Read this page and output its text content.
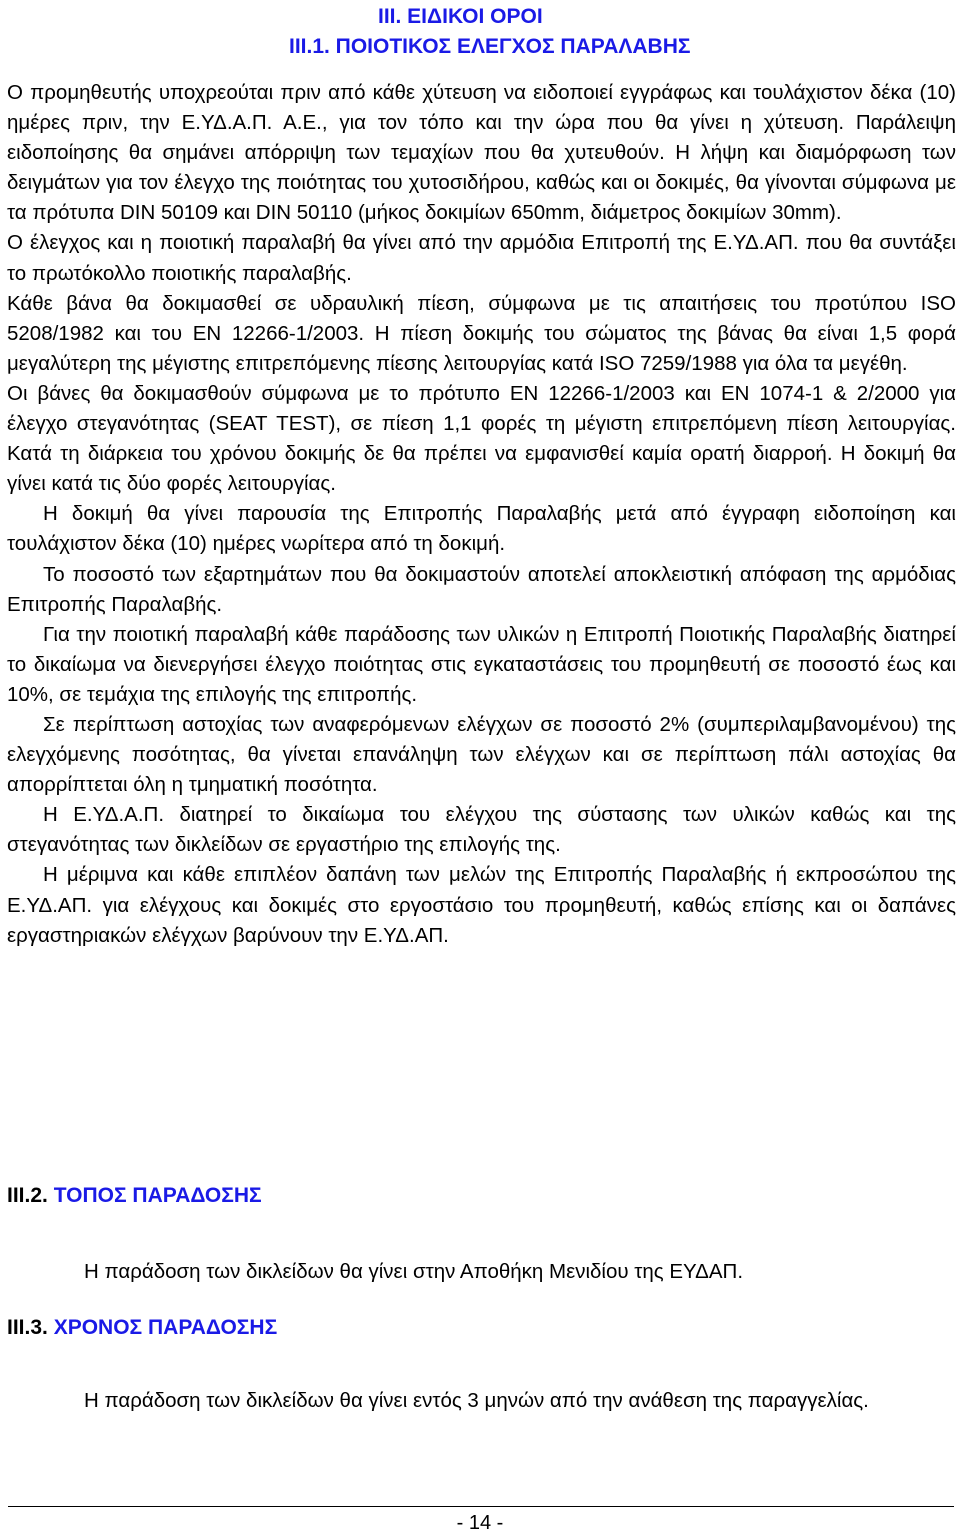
III. ΕΙΔΙΚΟΙ ΟΡΟΙ
III.1. ΠΟΙΟΤΙΚΟΣ ΕΛΕΓΧΟΣ ΠΑΡΑΛΑΒΗΣ

Ο προμηθευτής υποχρεούται πριν από κάθε χύτευση να ειδοποιεί εγγράφως και τουλάχιστον δέκα (10) ημέρες πριν, την Ε.ΥΔ.Α.Π. Α.Ε., για τον τόπο και την ώρα που θα γίνει η χύτευση. Παράλειψη ειδοποίησης θα σημάνει απόρριψη των τεμαχίων που θα χυτευθούν. Η λήψη και διαμόρφωση των δειγμάτων για τον έλεγχο της ποιότητας του χυτοσιδήρου, καθώς και οι δοκιμές, θα γίνονται σύμφωνα με τα πρότυπα DIN 50109 και DIN 50110 (μήκος δοκιμίων 650mm, διάμετρος δοκιμίων 30mm).

Ο έλεγχος και η ποιοτική παραλαβή θα γίνει από την αρμόδια Επιτροπή της Ε.ΥΔ.ΑΠ. που θα συντάξει το πρωτόκολλο ποιοτικής παραλαβής.

Κάθε βάνα θα δοκιμασθεί σε υδραυλική πίεση, σύμφωνα με τις απαιτήσεις του προτύπου ISO 5208/1982 και του EN 12266-1/2003. Η πίεση δοκιμής του σώματος της βάνας θα είναι 1,5 φορά μεγαλύτερη της μέγιστης επιτρεπόμενης πίεσης λειτουργίας κατά ISO 7259/1988 για όλα τα μεγέθη.

Οι βάνες θα δοκιμασθούν σύμφωνα με το πρότυπο EN 12266-1/2003 και EN 1074-1 & 2/2000 για έλεγχο στεγανότητας (SEAT TEST), σε πίεση 1,1 φορές τη μέγιστη επιτρεπόμενη πίεση λειτουργίας. Κατά τη διάρκεια του χρόνου δοκιμής δε θα πρέπει να εμφανισθεί καμία ορατή διαρροή. Η δοκιμή θα γίνει κατά τις δύο φορές λειτουργίας.

Η δοκιμή θα γίνει παρουσία της Επιτροπής Παραλαβής μετά από έγγραφη ειδοποίηση και τουλάχιστον δέκα (10) ημέρες νωρίτερα από τη δοκιμή.

Το ποσοστό των εξαρτημάτων που θα δοκιμαστούν αποτελεί αποκλειστική απόφαση της αρμόδιας Επιτροπής Παραλαβής.

Για την ποιοτική παραλαβή κάθε παράδοσης των υλικών η Επιτροπή Ποιοτικής Παραλαβής διατηρεί το δικαίωμα να διενεργήσει έλεγχο ποιότητας στις εγκαταστάσεις του προμηθευτή σε ποσοστό έως και 10%, σε τεμάχια της επιλογής της επιτροπής.

Σε περίπτωση αστοχίας των αναφερόμενων ελέγχων σε ποσοστό 2% (συμπεριλαμβανομένου) της ελεγχόμενης ποσότητας, θα γίνεται επανάληψη των ελέγχων και σε περίπτωση πάλι αστοχίας θα απορρίπτεται όλη η τμηματική ποσότητα.

Η Ε.ΥΔ.Α.Π. διατηρεί το δικαίωμα του ελέγχου της σύστασης των υλικών καθώς και της στεγανότητας των δικλείδων σε εργαστήριο της επιλογής της.

Η μέριμνα και κάθε επιπλέον δαπάνη των μελών της Επιτροπής Παραλαβής ή εκπροσώπου της Ε.ΥΔ.ΑΠ. για ελέγχους και δοκιμές στο εργοστάσιο του προμηθευτή, καθώς επίσης και οι δαπάνες εργαστηριακών ελέγχων βαρύνουν την Ε.ΥΔ.ΑΠ.

III.2. ΤΟΠΟΣ ΠΑΡΑΔΟΣΗΣ
Η παράδοση των δικλείδων θα γίνει στην Αποθήκη Μενιδίου της ΕΥΔΑΠ.
III.3. ΧΡΟΝΟΣ ΠΑΡΑΔΟΣΗΣ

Η παράδοση των δικλείδων θα γίνει εντός 3 μηνών από την ανάθεση της παραγγελίας.

- 14 -
